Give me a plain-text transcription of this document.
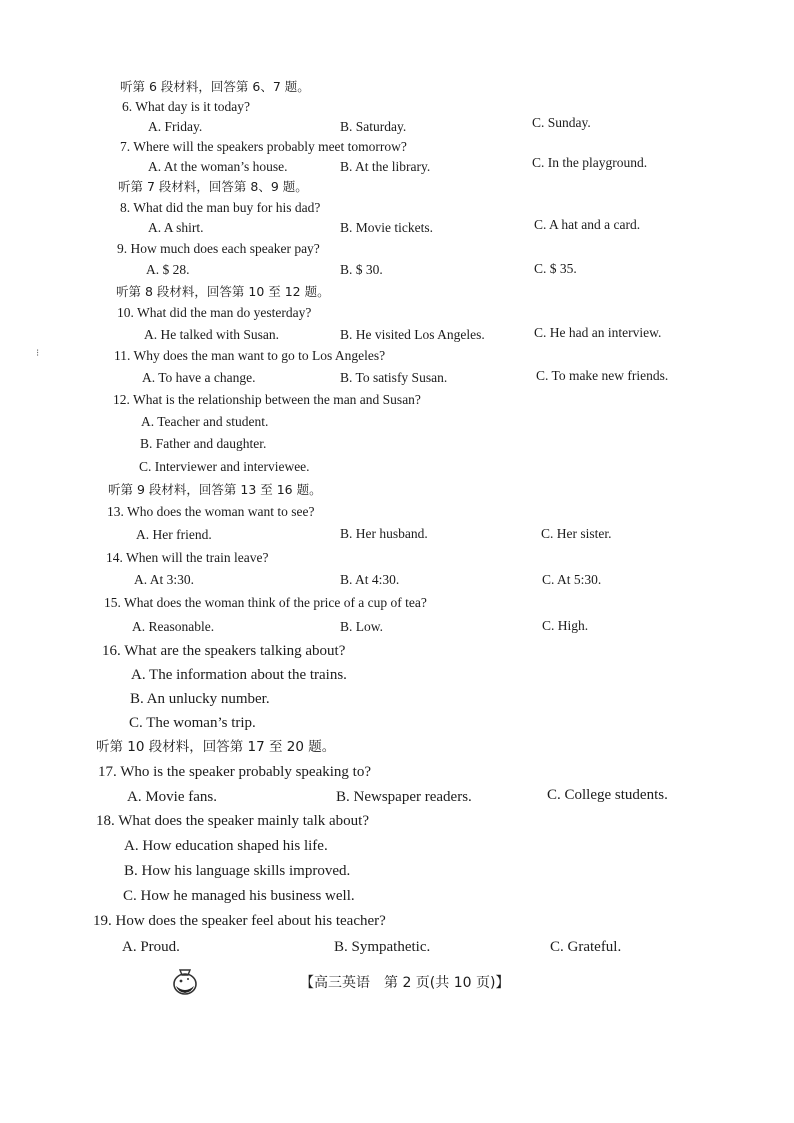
听第 6 段材料，回答第 6、7 题。
6. What day is it today?
A. Friday.	B. Saturday.	C. Sunday.
7. Where will the speakers probably meet tomorrow?
A. At the woman’s house.	B. At the library.	C. In the playground.
听第 7 段材料，回答第 8、9 题。
8. What did the man buy for his dad?
A. A shirt.	B. Movie tickets.	C. A hat and a card.
9. How much does each speaker pay?
A. $ 28.	B. $ 30.	C. $ 35.
听第 8 段材料，回答第 10 至 12 题。
10. What did the man do yesterday?
A. He talked with Susan.	B. He visited Los Angeles.	C. He had an interview.
⁝	11. Why does the man want to go to Los Angeles?
A. To have a change.	B. To satisfy Susan.	C. To make new friends.
12. What is the relationship between the man and Susan?
A. Teacher and student.
B. Father and daughter.
C. Interviewer and interviewee.
听第 9 段材料，回答第 13 至 16 题。
13. Who does the woman want to see?
A. Her friend.	B. Her husband.	C. Her sister.
14. When will the train leave?
A. At 3:30.	B. At 4:30.	C. At 5:30.
15. What does the woman think of the price of a cup of tea?
A. Reasonable.	B. Low.	C. High.
16. What are the speakers talking about?
A. The information about the trains.
B. An unlucky number.
C. The woman’s trip.
听第 10 段材料，回答第 17 至 20 题。
17. Who is the speaker probably speaking to?
A. Movie fans.	B. Newspaper readers.	C. College students.
18. What does the speaker mainly talk about?
A. How education shaped his life.
B. How his language skills improved.
C. How he managed his business well.
19. How does the speaker feel about his teacher?
A. Proud.	B. Sympathetic.	C. Grateful.
【高三英语　第 2 页(共 10 页)】
